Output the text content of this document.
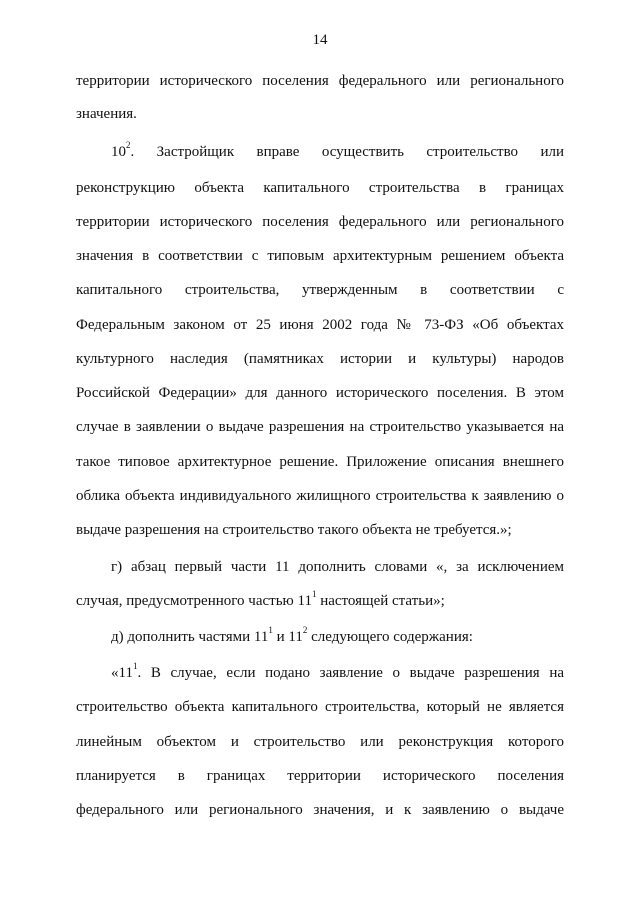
14
территории исторического поселения федерального или регионального
значения.
$10^2$. Застройщик вправе осуществить строительство или
реконструкцию объекта капитального строительства в границах
территории исторического поселения федерального или регионального
значения в соответствии с типовым архитектурным решением объекта
капитального строительства, утвержденным в соответствии с
Федеральным законом от 25 июня 2002 года № 73-ФЗ «Об объектах
культурного наследия (памятниках истории и культуры) народов
Российской Федерации» для данного исторического поселения. В этом
случае в заявлении о выдаче разрешения на строительство указывается на
такое типовое архитектурное решение. Приложение описания внешнего
облика объекта индивидуального жилищного строительства к заявлению о
выдаче разрешения на строительство такого объекта не требуется.»;
г) абзац первый части 11 дополнить словами «, за исключением
случая, предусмотренного частью $11^1$ настоящей статьи»;
д) дополнить частями $11^1$ и $11^2$ следующего содержания:
«$11^1$. В случае, если подано заявление о выдаче разрешения на
строительство объекта капитального строительства, который не является
линейным объектом и строительство или реконструкция которого
планируется в границах территории исторического поселения
федерального или регионального значения, и к заявлению о выдаче
